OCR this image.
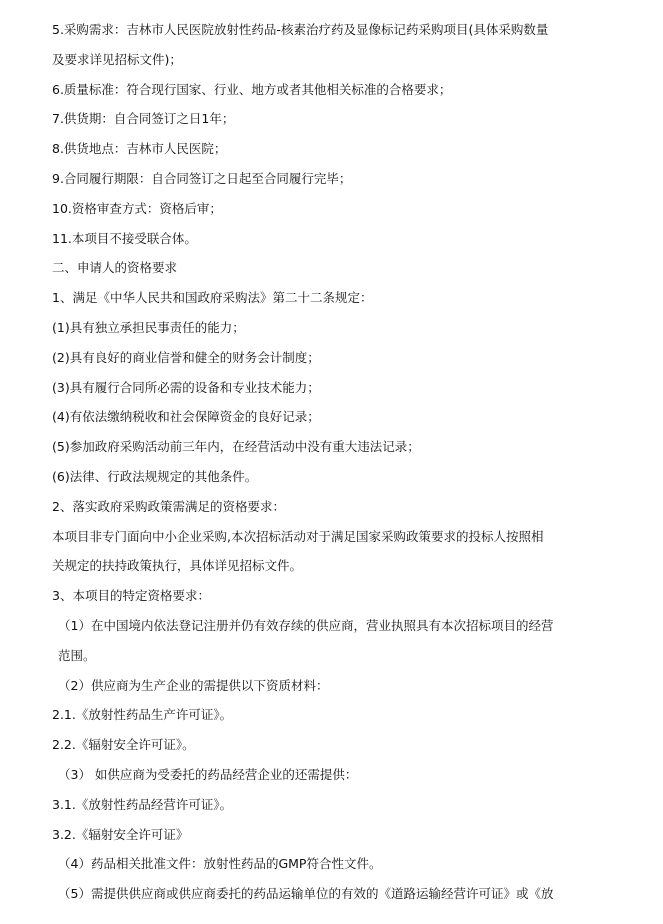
5.采购需求：吉林市人民医院放射性药品-核素治疗药及显像标记药采购项目(具体采购数量
及要求详见招标文件)；
6.质量标准：符合现行国家、行业、地方或者其他相关标准的合格要求；
7.供货期：自合同签订之日1年；
8.供货地点：吉林市人民医院；
9.合同履行期限：自合同签订之日起至合同履行完毕；
10.资格审查方式：资格后审；
11.本项目不接受联合体。
二、申请人的资格要求
1、满足《中华人民共和国政府采购法》第二十二条规定：
(1)具有独立承担民事责任的能力；
(2)具有良好的商业信誉和健全的财务会计制度；
(3)具有履行合同所必需的设备和专业技术能力；
(4)有依法缴纳税收和社会保障资金的良好记录；
(5)参加政府采购活动前三年内，在经营活动中没有重大违法记录；
(6)法律、行政法规规定的其他条件。
2、落实政府采购政策需满足的资格要求：
本项目非专门面向中小企业采购,本次招标活动对于满足国家采购政策要求的投标人按照相
关规定的扶持政策执行，具体详见招标文件。
3、本项目的特定资格要求：
（1）在中国境内依法登记注册并仍有效存续的供应商，营业执照具有本次招标项目的经营
范围。
（2）供应商为生产企业的需提供以下资质材料：
2.1.《放射性药品生产许可证》。
2.2.《辐射安全许可证》。
（3） 如供应商为受委托的药品经营企业的还需提供：
3.1.《放射性药品经营许可证》。
3.2.《辐射安全许可证》
（4）药品相关批准文件：放射性药品的GMP符合性文件。
（5）需提供供应商或供应商委托的药品运输单位的有效的《道路运输经营许可证》或《放
